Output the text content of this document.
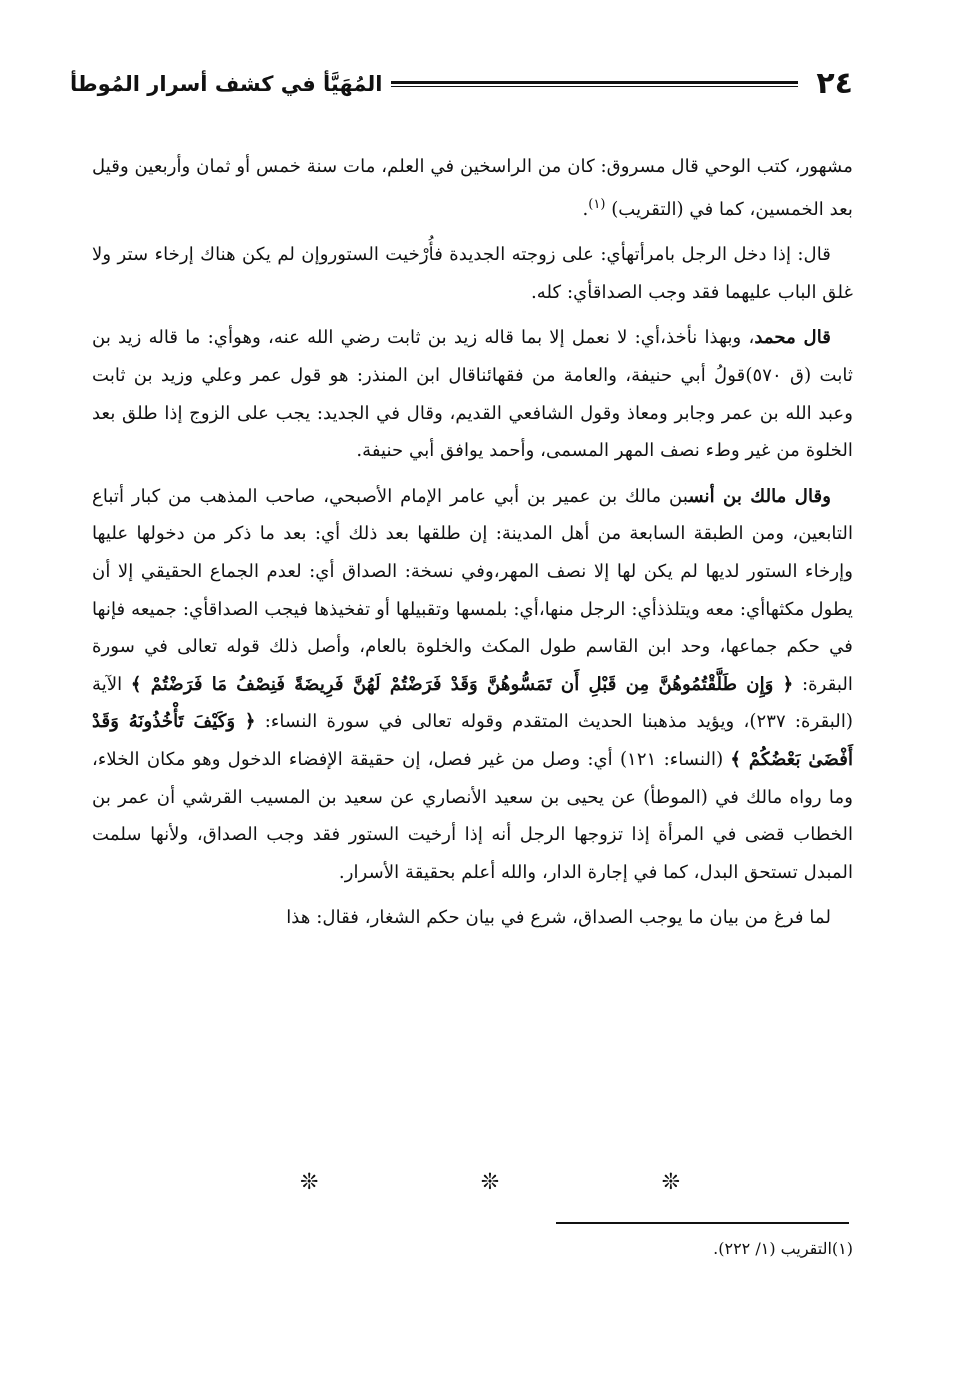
٢٤
المُهَيَّأ في كشف أسرار المُوطأ

مشهور، كتب الوحي قال مسروق: كان من الراسخين في العلم، مات سنة خمس أو ثمان وأربعين وقيل بعد الخمسين، كما في (التقريب) $^{(١)}$.

قال: إذا دخل الرجل بامرأتهأي: على زوجته الجديدة فأُرْخيت الستوروإن لم يكن هناك إرخاء ستر ولا غلق الباب عليهما فقد وجب الصداقأي: كله.

قال محمد، وبهذا نأخذ،أي: لا نعمل إلا بما قاله زيد بن ثابت رضي الله عنه، وهوأي: ما قاله زيد بن ثابت (ق ٥٧٠)قولُ أبي حنيفة، والعامة من فقهائناقال ابن المنذر: هو قول عمر وعلي وزيد بن ثابت وعبد الله بن عمر وجابر ومعاذ وقول الشافعي القديم، وقال في الجديد: يجب على الزوج إذا طلق بعد الخلوة من غير وطء نصف المهر المسمى، وأحمد يوافق أبي حنيفة.

وقال مالك بن أنسبن مالك بن عمير بن أبي عامر الإمام الأصبحي، صاحب المذهب من كبار أتباع التابعين، ومن الطبقة السابعة من أهل المدينة: إن طلقها بعد ذلك أي: بعد ما ذكر من دخولها عليها وإرخاء الستور لديها لم يكن لها إلا نصف المهر،وفي نسخة: الصداق أي: لعدم الجماع الحقيقي إلا أن يطول مكثهاأي: معه ويتلذذأي: الرجل منها،أي: بلمسها وتقبيلها أو تفخيذها فيجب الصداقأي: جميعه فإنها في حكم جماعها، وحد ابن القاسم طول المكث والخلوة بالعام، وأصل ذلك قوله تعالى في سورة البقرة: ﴿ وَإِن طَلَّقْتُمُوهُنَّ مِن قَبْلِ أَن تَمَسُّوهُنَّ وَقَدْ فَرَضْتُمْ لَهُنَّ فَرِيضَةً فَنِصْفُ مَا فَرَضْتُمْ ﴾ الآية (البقرة: ٢٣٧)، ويؤيد مذهبنا الحديث المتقدم وقوله تعالى في سورة النساء: ﴿ وَكَيْفَ تَأْخُذُونَهُ وَقَدْ أَفْضَىٰ بَعْضُكُمْ ﴾ (النساء: ١٢١) أي: وصل من غير فصل، إن حقيقة الإفضاء الدخول وهو مكان الخلاء، وما رواه مالك في (الموطأ) عن يحيى بن سعيد الأنصاري عن سعيد بن المسيب القرشي أن عمر بن الخطاب قضى في المرأة إذا تزوجها الرجل أنه إذا أرخيت الستور فقد وجب الصداق، ولأنها سلمت المبدل تستحق البدل، كما في إجارة الدار، والله أعلم بحقيقة الأسرار.

لما فرغ من بيان ما يوجب الصداق، شرع في بيان حكم الشغار، فقال: هذا

❊
❊
❊
(١)التقريب (١/ ٢٢٢).
